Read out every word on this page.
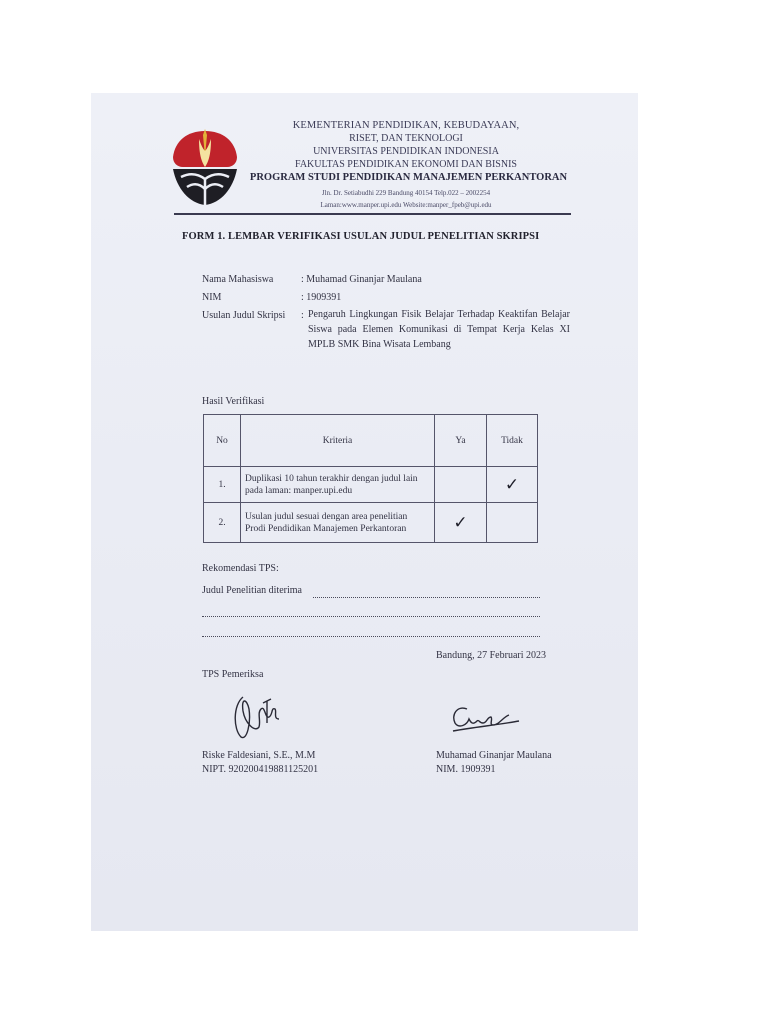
KEMENTERIAN PENDIDIKAN, KEBUDAYAAN,
RISET, DAN TEKNOLOGI
UNIVERSITAS PENDIDIKAN INDONESIA
FAKULTAS PENDIDIKAN EKONOMI DAN BISNIS
PROGRAM STUDI PENDIDIKAN MANAJEMEN PERKANTORAN
Jln. Dr. Setiabudhi 229 Bandung 40154 Telp.022 – 2002254
Laman:www.manper.upi.edu Website:manper_fpeb@upi.edu
FORM 1. LEMBAR VERIFIKASI USULAN JUDUL PENELITIAN SKRIPSI
Nama Mahasiswa	: Muhamad Ginanjar Maulana
NIM	: 1909391
Usulan Judul Skripsi : Pengaruh Lingkungan Fisik Belajar Terhadap Keaktifan Belajar Siswa pada Elemen Komunikasi di Tempat Kerja Kelas XI MPLB SMK Bina Wisata Lembang
Hasil Verifikasi
No	Kriteria	Ya	Tidak
1.	Duplikasi 10 tahun terakhir dengan judul lain pada laman: manper.upi.edu		✓
2.	Usulan judul sesuai dengan area penelitian Prodi Pendidikan Manajemen Perkantoran	✓	
Rekomendasi TPS:
Judul Penelitian diterima
Bandung, 27 Februari 2023
TPS Pemeriksa
Riske Faldesiani, S.E., M.M
NIPT. 920200419881125201
Muhamad Ginanjar Maulana
NIM. 1909391
